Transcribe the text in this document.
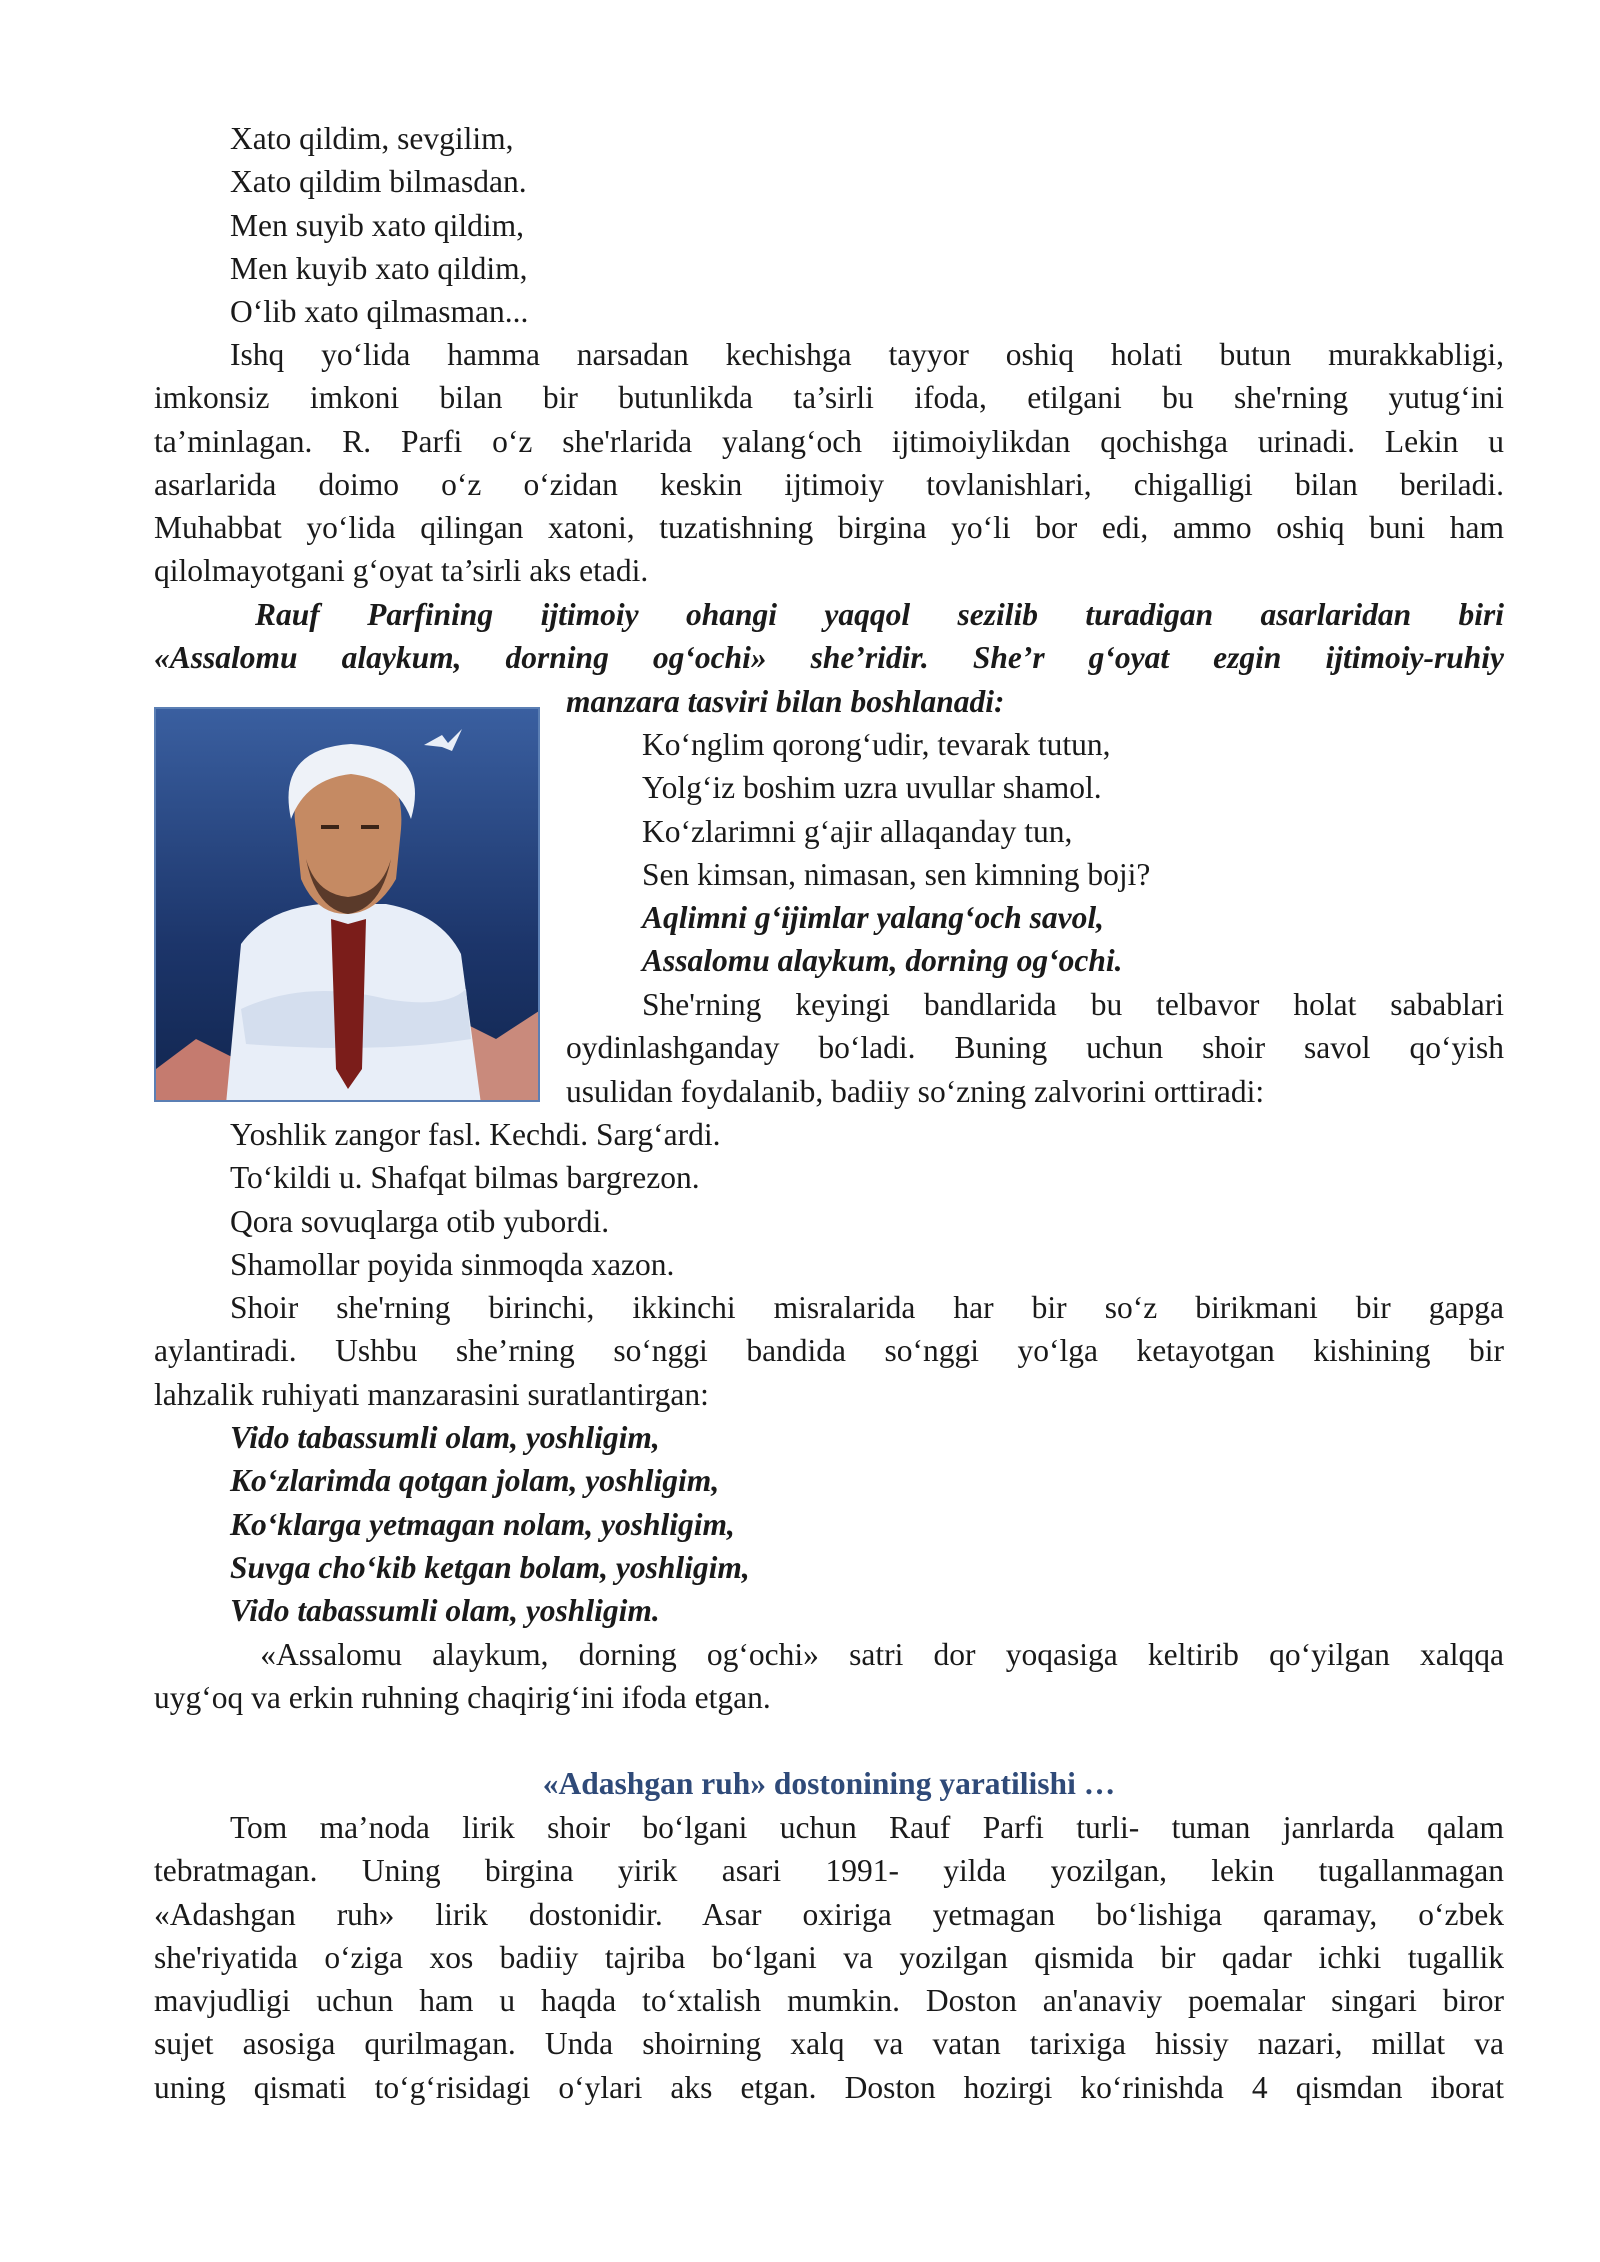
Xato qildim, sevgilim,
Xato qildim bilmasdan.
Men suyib xato qildim,
Men kuyib xato qildim,
O‘lib xato qilmasman...
Ishq yo‘lida hamma narsadan kechishga tayyor oshiq holati butun murakkabligi,
imkonsiz imkoni bilan bir butunlikda ta’sirli ifoda, etilgani bu she'rning yutug‘ini
ta’minlagan. R. Parfi o‘z she'rlarida yalang‘och ijtimoiylikdan qochishga urinadi. Lekin u
asarlarida doimo o‘z o‘zidan keskin ijtimoiy tovlanishlari, chigalligi bilan beriladi.
Muhabbat yo‘lida qilingan xatoni, tuzatishning birgina yo‘li bor edi, ammo oshiq buni ham
qilolmayotgani g‘oyat ta’sirli aks etadi.
Rauf Parfining ijtimoiy ohangi yaqqol sezilib turadigan asarlaridan biri
«Assalomu alaykum, dorning og‘ochi» she’ridir. She’r g‘oyat ezgin ijtimoiy-ruhiy
manzara tasviri bilan boshlanadi:
Ko‘nglim qorong‘udir, tevarak tutun,
Yolg‘iz boshim uzra uvullar shamol.
Ko‘zlarimni g‘ajir allaqanday tun,
Sen kimsan, nimasan, sen kimning boji?
Aqlimni g‘ijimlar yalang‘och savol,
Assalomu alaykum, dorning og‘ochi.
She'rning keyingi bandlarida bu telbavor holat sabablari
oydinlashganday bo‘ladi. Buning uchun shoir savol qo‘yish
usulidan foydalanib, badiiy so‘zning zalvorini orttiradi:
Yoshlik zangor fasl. Kechdi. Sarg‘ardi.
To‘kildi u. Shafqat bilmas bargrezon.
Qora sovuqlarga otib yubordi.
Shamollar poyida sinmoqda xazon.
Shoir she'rning birinchi, ikkinchi misralarida har bir so‘z birikmani bir gapga
aylantiradi. Ushbu she’rning so‘nggi bandida so‘nggi yo‘lga ketayotgan kishining bir
lahzalik ruhiyati manzarasini suratlantirgan:
Vido tabassumli olam, yoshligim,
Ko‘zlarimda qotgan jolam, yoshligim,
Ko‘klarga yetmagan nolam, yoshligim,
Suvga cho‘kib ketgan bolam, yoshligim,
Vido tabassumli olam, yoshligim.
«Assalomu alaykum, dorning og‘ochi» satri dor yoqasiga keltirib qo‘yilgan xalqqa
uyg‘oq va erkin ruhning chaqirig‘ini ifoda etgan.
«Adashgan ruh» dostonining yaratilishi …
Tom ma’noda lirik shoir bo‘lgani uchun Rauf Parfi turli- tuman janrlarda qalam
tebratmagan. Uning birgina yirik asari 1991- yilda yozilgan, lekin tugallanmagan
«Adashgan ruh» lirik dostonidir. Asar oxiriga yetmagan bo‘lishiga qaramay, o‘zbek
she'riyatida o‘ziga xos badiiy tajriba bo‘lgani va yozilgan qismida bir qadar ichki tugallik
mavjudligi uchun ham u haqda to‘xtalish mumkin. Doston an'anaviy poemalar singari biror
sujet asosiga qurilmagan. Unda shoirning xalq va vatan tarixiga hissiy nazari, millat va
uning qismati to‘g‘risidagi o‘ylari aks etgan. Doston hozirgi ko‘rinishda 4 qismdan iborat
